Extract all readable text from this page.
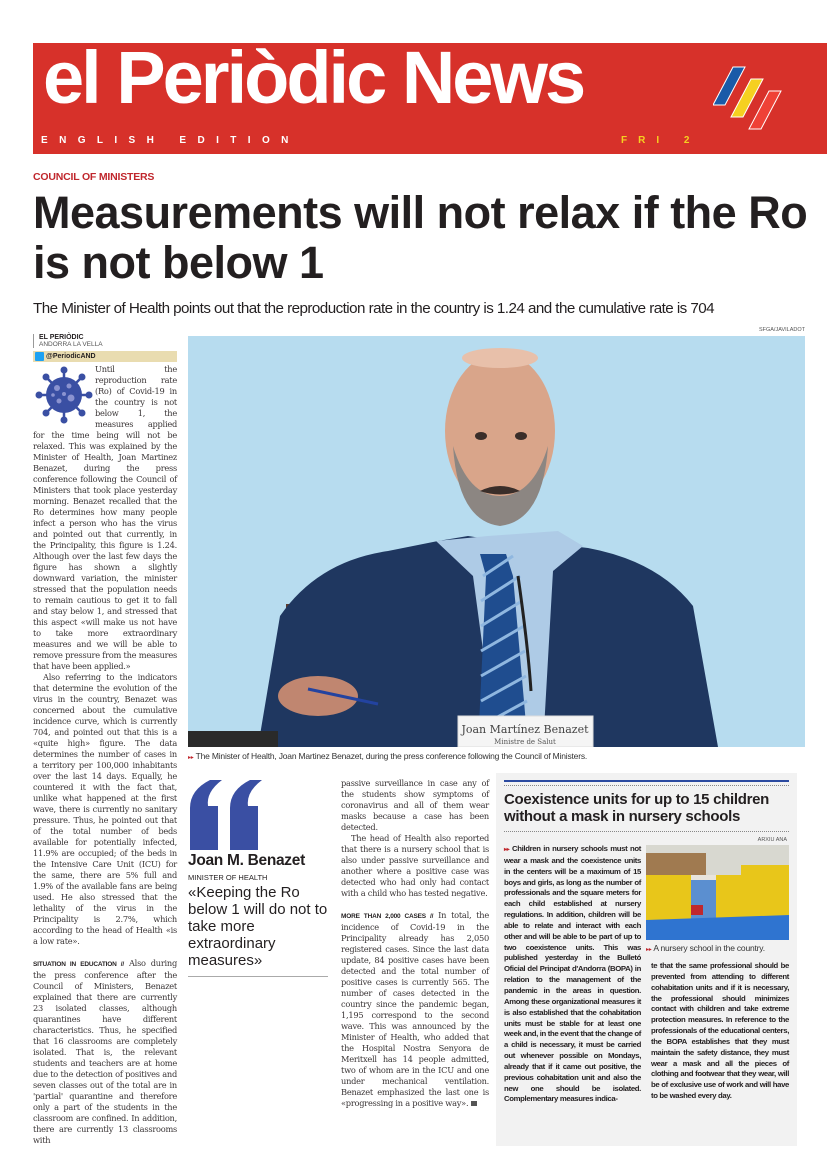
el Periòdic News
ENGLISH EDITION	FRI 2
COUNCIL OF MINISTERS
Measurements will not relax if the Ro is not below 1
The Minister of Health points out that the reproduction rate in the country is 1.24 and the cumulative rate is 704
EL PERIÒDIC
ANDORRA LA VELLA
@PeriodicAND

Until the reproduction rate (Ro) of Covid-19 in the country is not below 1, the measures applied for the time being will not be relaxed. This was explained by the Minister of Health, Joan Martinez Benazet, during the press conference following the Council of Ministers that took place yesterday morning. Benazet recalled that the Ro determines how many people infect a person who has the virus and pointed out that currently, in the Principality, this figure is 1.24. Although over the last few days the figure has shown a slightly downward variation, the minister stressed that the population needs to remain cautious to get it to fall and stay below 1, and stressed that this aspect «will make us not have to take more extraordinary measures and we will be able to remove pressure from the measures that have been applied.»

Also referring to the indicators that determine the evolution of the virus in the country, Benazet was concerned about the cumulative incidence curve, which is currently 704, and pointed out that this is a «quite high» figure. The data determines the number of cases in a territory per 100,000 inhabitants over the last 14 days. Equally, he countered it with the fact that, unlike what happened at the first wave, there is currently no sanitary pressure. Thus, he pointed out that of the total number of beds available for potentially infected, 11.9% are occupied; of the beds in the Intensive Care Unit (ICU) for the same, there are 5% full and 1.9% of the available fans are being used. He also stressed that the lethality of the virus in the Principality is 2.7%, which according to the head of Health «is a low rate».

SITUATION IN EDUCATION // Also during the press conference after the Council of Ministers, Benazet explained that there are currently 23 isolated classes, although quarantines have different characteristics. Thus, he specified that 16 classrooms are completely isolated. That is, the relevant students and teachers are at home due to the detection of positives and seven classes out of the total are in 'partial' quarantine and therefore only a part of the students in the classroom are confined. In addition, there are currently 13 classrooms with

SFGA/JAVILADOT
Joan Martínez Benazet
Ministre de Salut
▸▸ The Minister of Health, Joan Martinez Benazet, during the press conference following the Council of Ministers.
Joan M. Benazet
MINISTER OF HEALTH
«Keeping the Ro below 1 will do not to take more extraordinary measures»

passive surveillance in case any of the students show symptoms of coronavirus and all of them wear masks because a case has been detected.

The head of Health also reported that there is a nursery school that is also under passive surveillance and another where a positive case was detected who had only had contact with a child who has tested negative.

MORE THAN 2,000 CASES // In total, the incidence of Covid-19 in the Principality already has 2,050 registered cases. Since the last data update, 84 positive cases have been detected and the total number of positive cases is currently 565. The number of cases detected in the country since the pandemic began, 1,195 correspond to the second wave. This was announced by the Minister of Health, who added that the Hospital Nostra Senyora de Meritxell has 14 people admitted, two of whom are in the ICU and one under mechanical ventilation. Benazet emphasized the last one is «progressing in a positive way».

Coexistence units for up to 15 children without a mask in nursery schools
ARXIU ANA
▸▸ A nursery school in the country.
▸▸ Children in nursery schools must not wear a mask and the coexistence units in the centers will be a maximum of 15 boys and girls, as long as the number of professionals and the square meters for each child established at nursery regulations. In addition, children will be able to relate and interact with each other and will be able to be part of up to two coexistence units. This was published yesterday in the Bulletó Oficial del Principat d'Andorra (BOPA) in relation to the management of the pandemic in the areas in question. Among these organizational measures it is also established that the cohabitation units must be stable for at least one week and, in the event that the change of a child is necessary, it must be carried out whenever possible on Mondays, already that if it came out positive, the previous cohabitation unit and also the new one should be isolated. Complementary measures indica-
te that the same professional should be prevented from attending to different cohabitation units and if it is necessary, the professional should minimizes contact with children and take extreme protection measures. In reference to the professionals of the educational centers, the BOPA establishes that they must maintain the safety distance, they must wear a mask and all the pieces of clothing and footwear that they wear, will be of exclusive use of work and will have to be washed every day.
